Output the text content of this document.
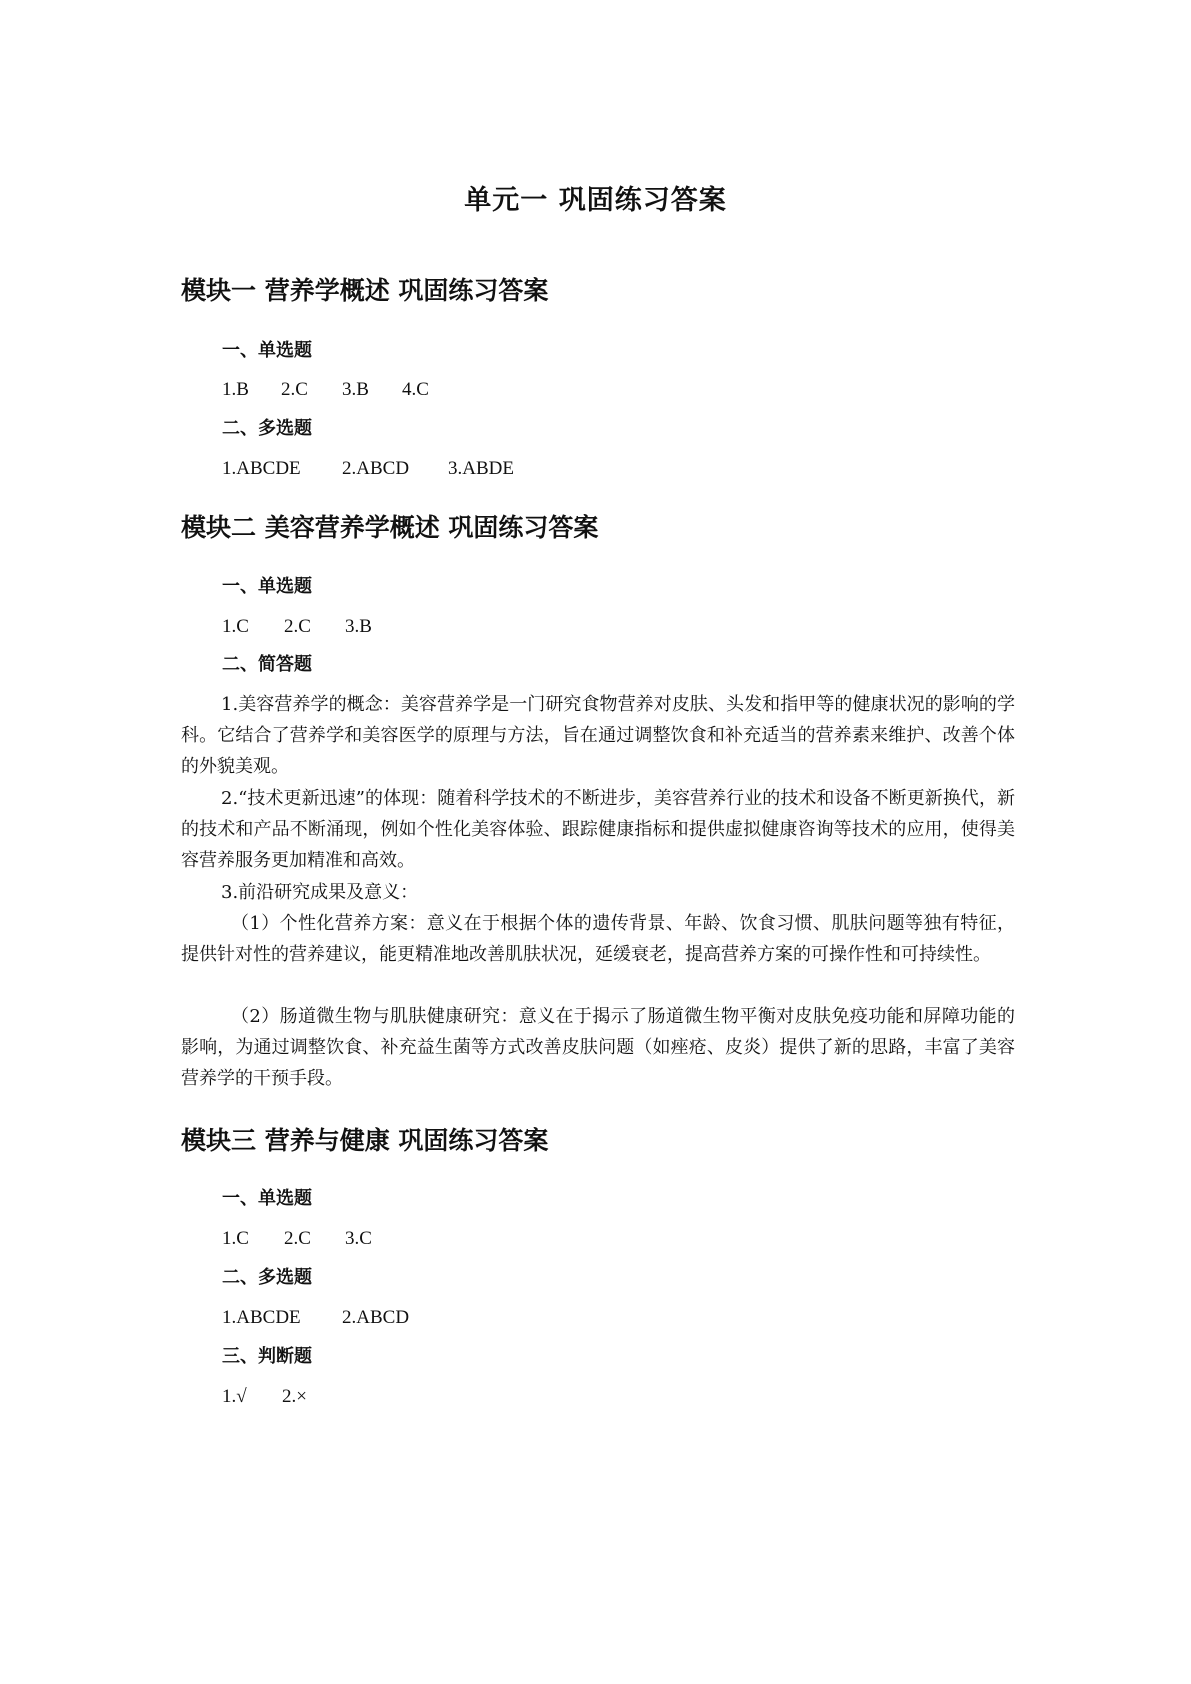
单元一 巩固练习答案
模块一 营养学概述 巩固练习答案
一、单选题
1.B 2.C 3.B 4.C
二、多选题
1.ABCDE 2.ABCD 3.ABDE
模块二 美容营养学概述 巩固练习答案
一、单选题
1.C 2.C 3.B
二、简答题
1.美容营养学的概念：美容营养学是一门研究食物营养对皮肤、头发和指甲等的健康状况的影响的学科。它结合了营养学和美容医学的原理与方法，旨在通过调整饮食和补充适当的营养素来维护、改善个体的外貌美观。
2.“技术更新迅速”的体现：随着科学技术的不断进步，美容营养行业的技术和设备不断更新换代，新的技术和产品不断涌现，例如个性化美容体验、跟踪健康指标和提供虚拟健康咨询等技术的应用，使得美容营养服务更加精准和高效。
3.前沿研究成果及意义：
（1）个性化营养方案：意义在于根据个体的遗传背景、年龄、饮食习惯、肌肤问题等独有特征，提供针对性的营养建议，能更精准地改善肌肤状况，延缓衰老，提高营养方案的可操作性和可持续性。
（2）肠道微生物与肌肤健康研究：意义在于揭示了肠道微生物平衡对皮肤免疫功能和屏障功能的影响，为通过调整饮食、补充益生菌等方式改善皮肤问题（如痤疮、皮炎）提供了新的思路，丰富了美容营养学的干预手段。
模块三 营养与健康 巩固练习答案
一、单选题
1.C 2.C 3.C
二、多选题
1.ABCDE 2.ABCD
三、判断题
1.√ 2.×
